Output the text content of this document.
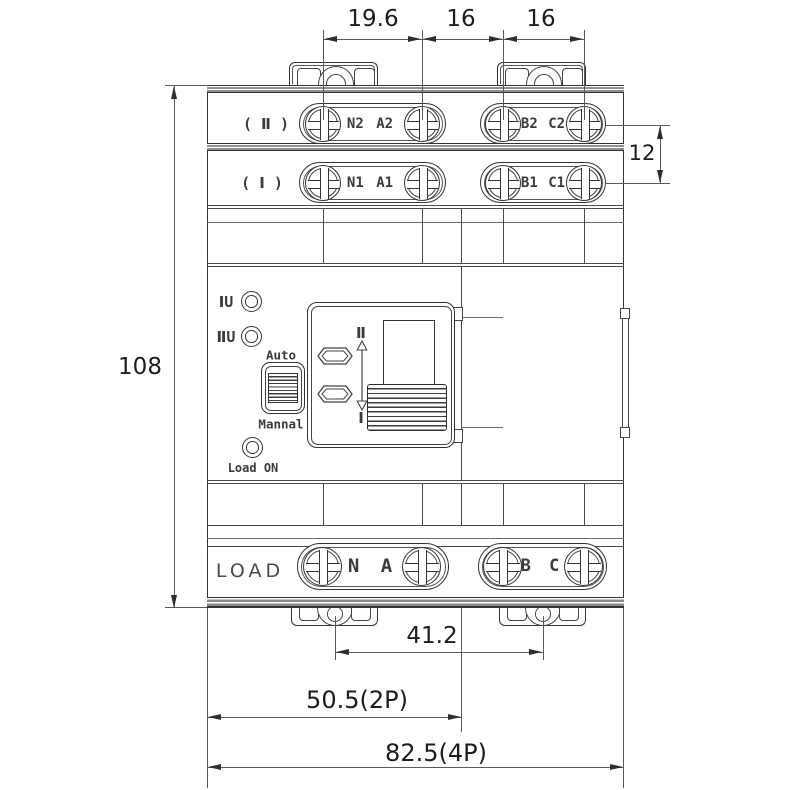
( Ⅱ )	N2 A2	B2 C2
( Ⅰ )	N1 A1	B1 C1
ⅠU
ⅡU
Auto
Mannal
Load ON
Ⅱ
Ⅰ
LOAD	N A	B C
19.6 16 16
12
108
41.2
50.5(2P)
82.5(4P)
